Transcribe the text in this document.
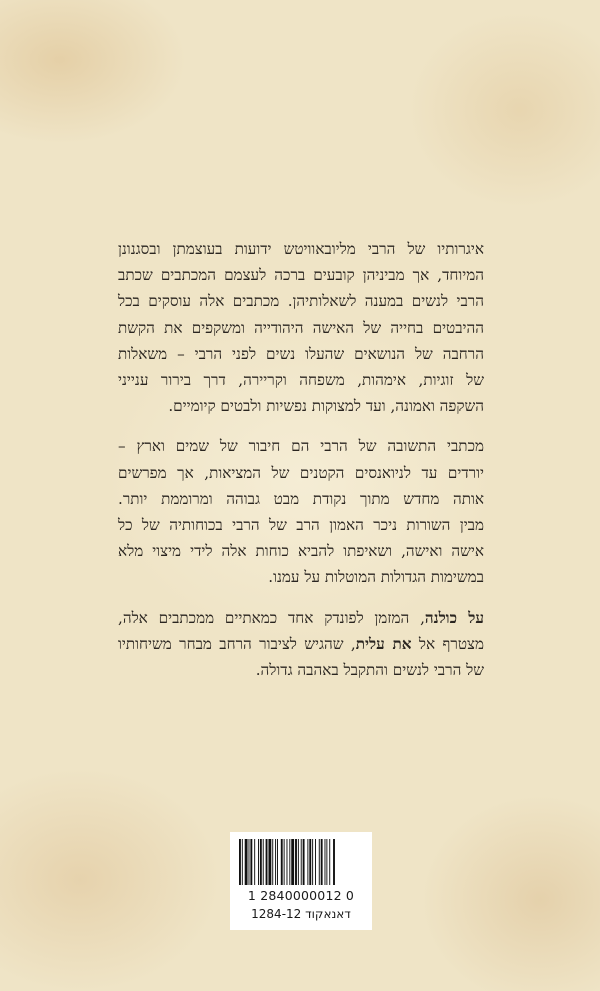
איגרותיו של הרבי מליובאוויטש ידועות בעוצמתן ובסגנונן
המיוחד, אך מביניהן קובעים ברכה לעצמם המכתבים שכתב
הרבי לנשים במענה לשאלותיהן. מכתבים אלה עוסקים בכל
ההיבטים בחייה של האישה היהודייה ומשקפים את הקשת
הרחבה של הנושאים שהעלו נשים לפני הרבי – משאלות
של זוגיות, אימהות, משפחה וקריירה, דרך בירור ענייני
השקפה ואמונה, ועד למצוקות נפשיות ולבטים קיומיים.

מכתבי התשובה של הרבי הם חיבור של שמים וארץ –
יורדים עד לניואנסים הקטנים של המציאות, אך מפרשים
אותה מחדש מתוך נקודת מבט גבוהה ומרוממת יותר.
מבין השורות ניכר האמון הרב של הרבי בכוחותיה של כל
אישה ואישה, ושאיפתו להביא כוחות אלה לידי מיצוי מלא
במשימות הגדולות המוטלות על עמנו.

על כולנה, המזמן לפונדק אחד כמאתיים ממכתבים אלה,
מצטרף אל את עלית, שהגיש לציבור הרחב מבחר משיחותיו
של הרבי לנשים והתקבל באהבה גדולה.

1 2840000012 0
דאנאקוד 1284-12
